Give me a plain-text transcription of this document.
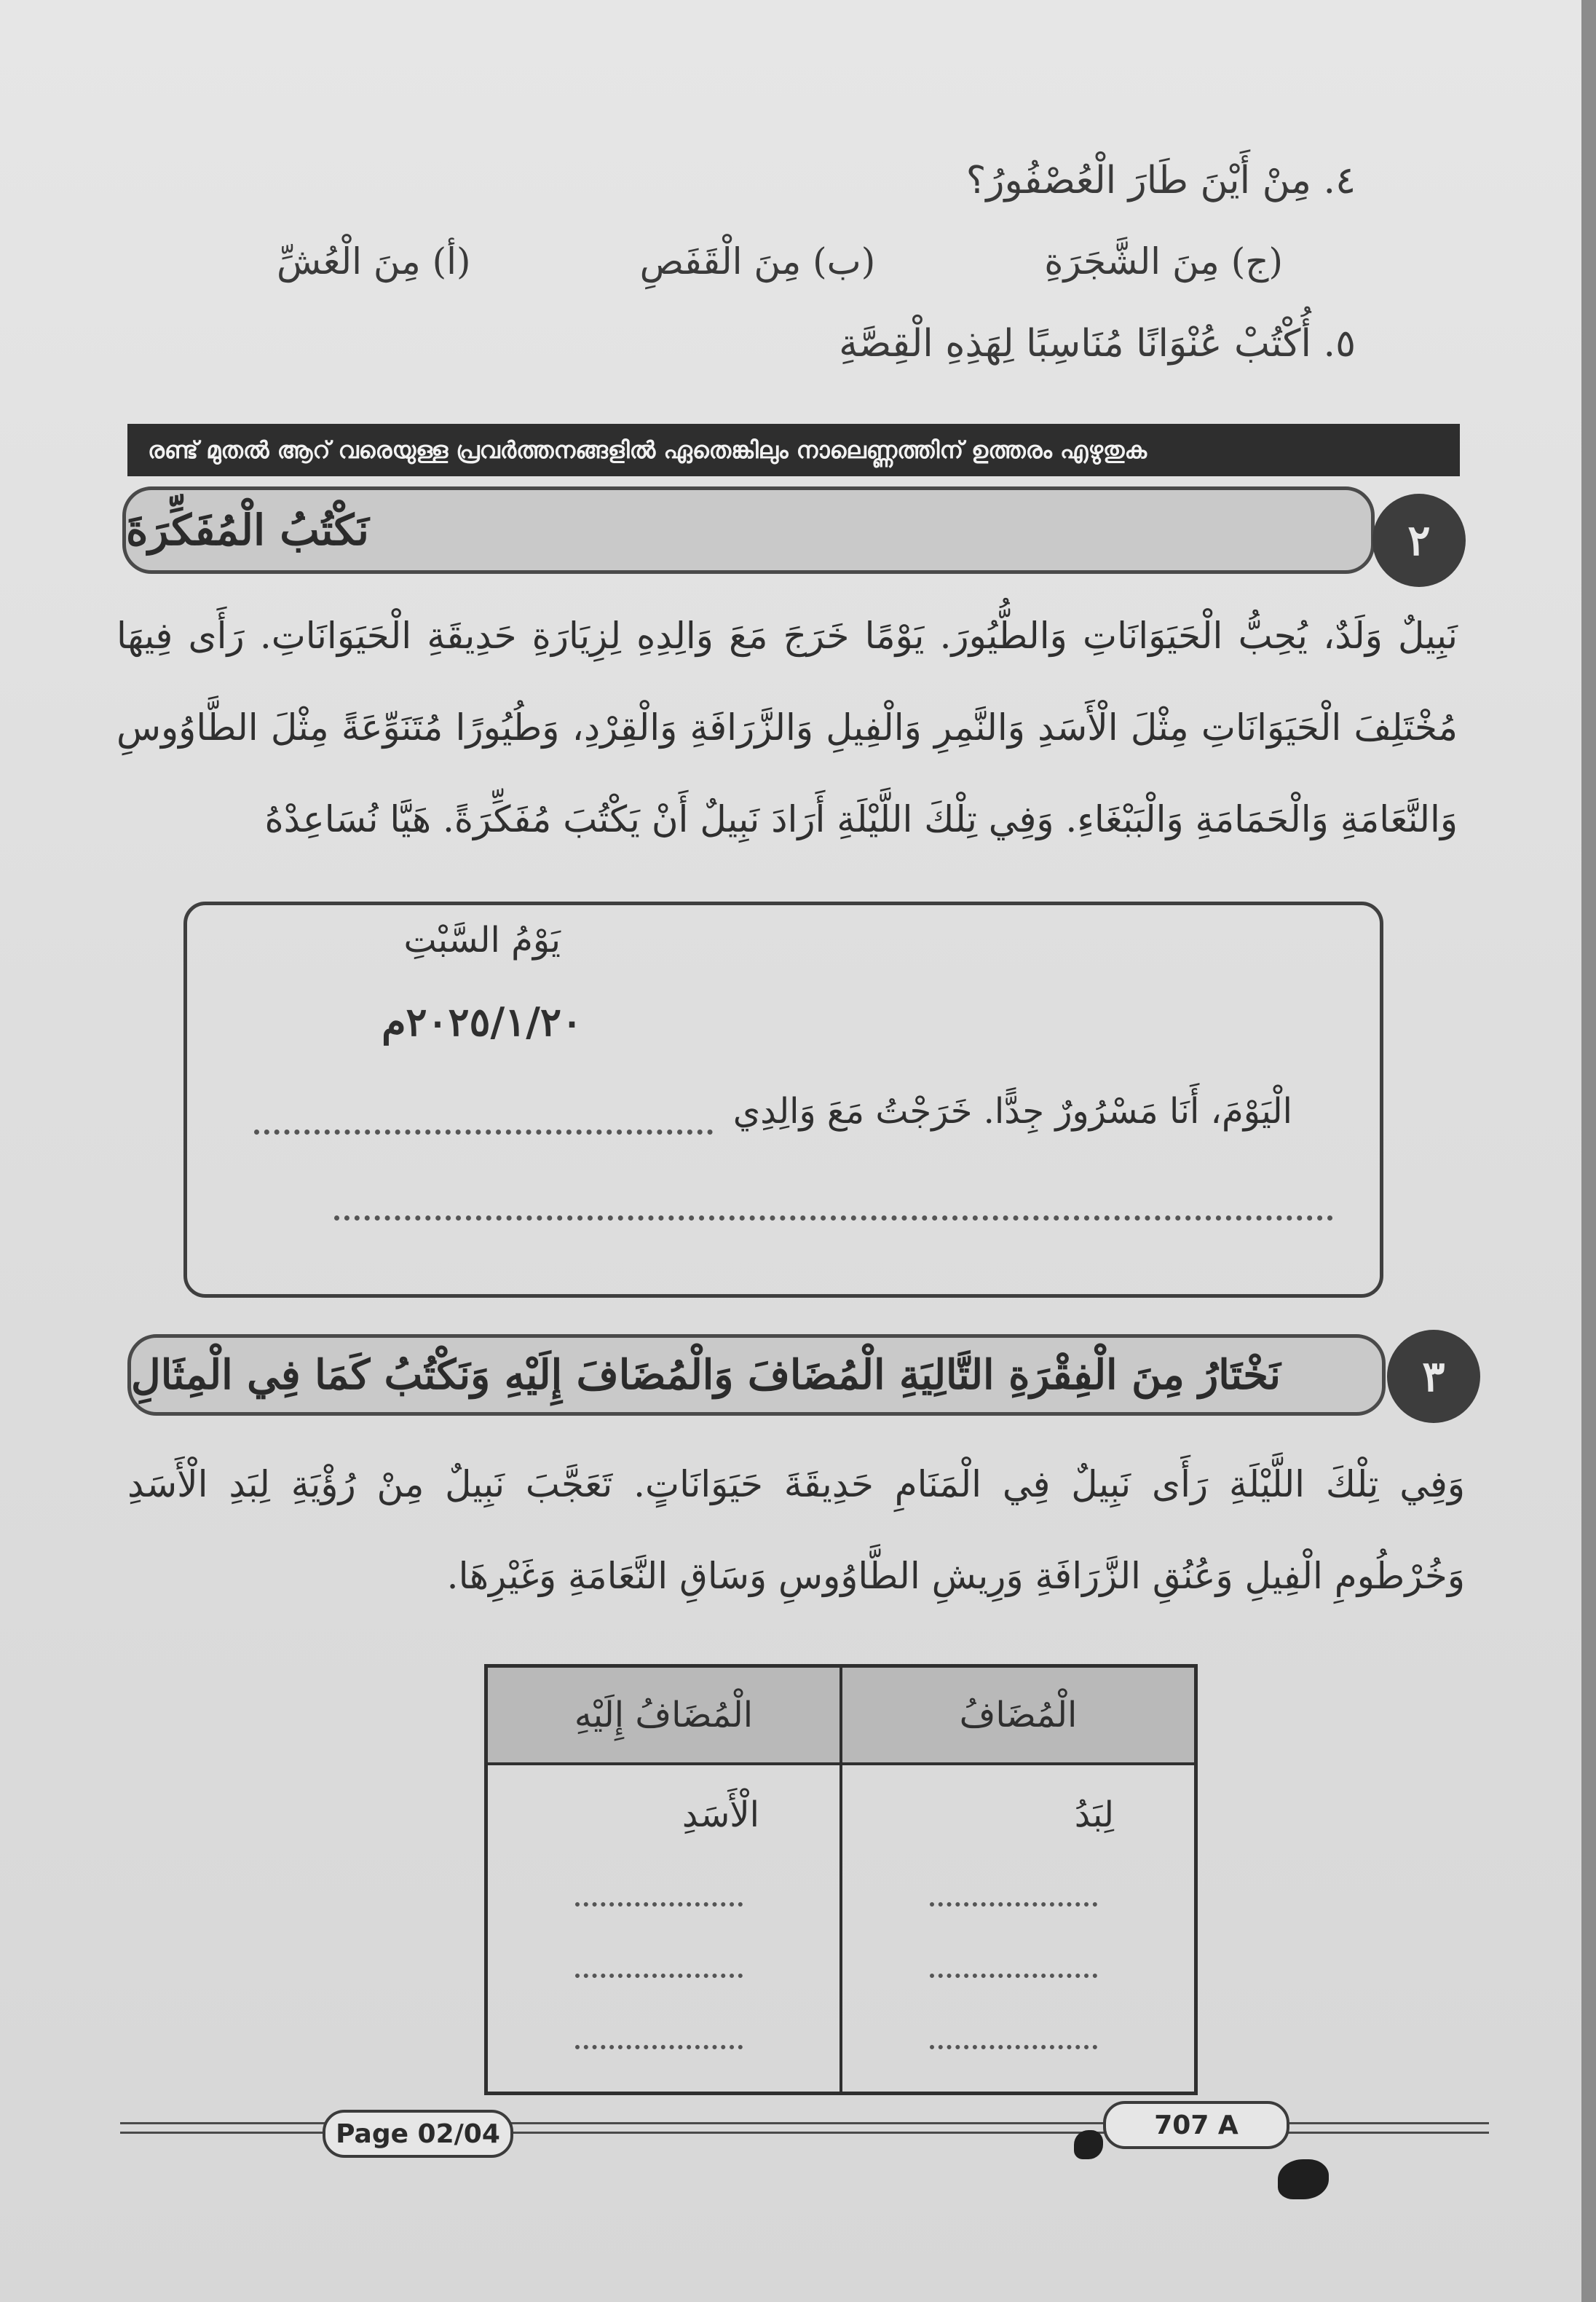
٤. مِنْ أَيْنَ طَارَ الْعُصْفُورُ؟
(أ) مِنَ الْعُشِّ	(ب) مِنَ الْقَفَصِ	(ج) مِنَ الشَّجَرَةِ
٥. أُكْتُبْ عُنْوَانًا مُنَاسِبًا لِهَذِهِ الْقِصَّةِ
രണ്ട് മുതൽ ആറ് വരെയുള്ള പ്രവർത്തനങ്ങളിൽ ഏതെങ്കിലും നാലെണ്ണത്തിന് ഉത്തരം എഴുതുക
نَكْتُبُ الْمُفَكِّرَةَ	٢
نَبِيلٌ وَلَدٌ، يُحِبُّ الْحَيَوَانَاتِ وَالطُّيُورَ. يَوْمًا خَرَجَ مَعَ وَالِدِهِ لِزِيَارَةِ حَدِيقَةِ الْحَيَوَانَاتِ. رَأَى فِيهَا مُخْتَلِفَ الْحَيَوَانَاتِ مِثْلَ الْأَسَدِ وَالنَّمِرِ وَالْفِيلِ وَالزَّرَافَةِ وَالْقِرْدِ، وَطُيُورًا مُتَنَوِّعَةً مِثْلَ الطَّاوُوسِ وَالنَّعَامَةِ وَالْحَمَامَةِ وَالْبَبْغَاءِ. وَفِي تِلْكَ اللَّيْلَةِ أَرَادَ نَبِيلٌ أَنْ يَكْتُبَ مُفَكِّرَةً. هَيَّا نُسَاعِدْهُ
يَوْمُ السَّبْتِ
٢٠٢٥/١/٢٠م
الْيَوْمَ، أَنَا مَسْرُورٌ جِدًّا. خَرَجْتُ مَعَ وَالِدِي
نَخْتَارُ مِنَ الْفِقْرَةِ التَّالِيَةِ الْمُضَافَ وَالْمُضَافَ إِلَيْهِ وَنَكْتُبُ كَمَا فِي الْمِثَالِ	٣
وَفِي تِلْكَ اللَّيْلَةِ رَأَى نَبِيلٌ فِي الْمَنَامِ حَدِيقَةَ حَيَوَانَاتٍ. تَعَجَّبَ نَبِيلٌ مِنْ رُؤْيَةِ لِبَدِ الْأَسَدِ وَخُرْطُومِ الْفِيلِ وَعُنُقِ الزَّرَافَةِ وَرِيشِ الطَّاوُوسِ وَسَاقِ النَّعَامَةِ وَغَيْرِهَا.
الْمُضَافُ	الْمُضَافُ إِلَيْهِ

لِبَدُ	الْأَسَدِ
Page 02/04	707 A
